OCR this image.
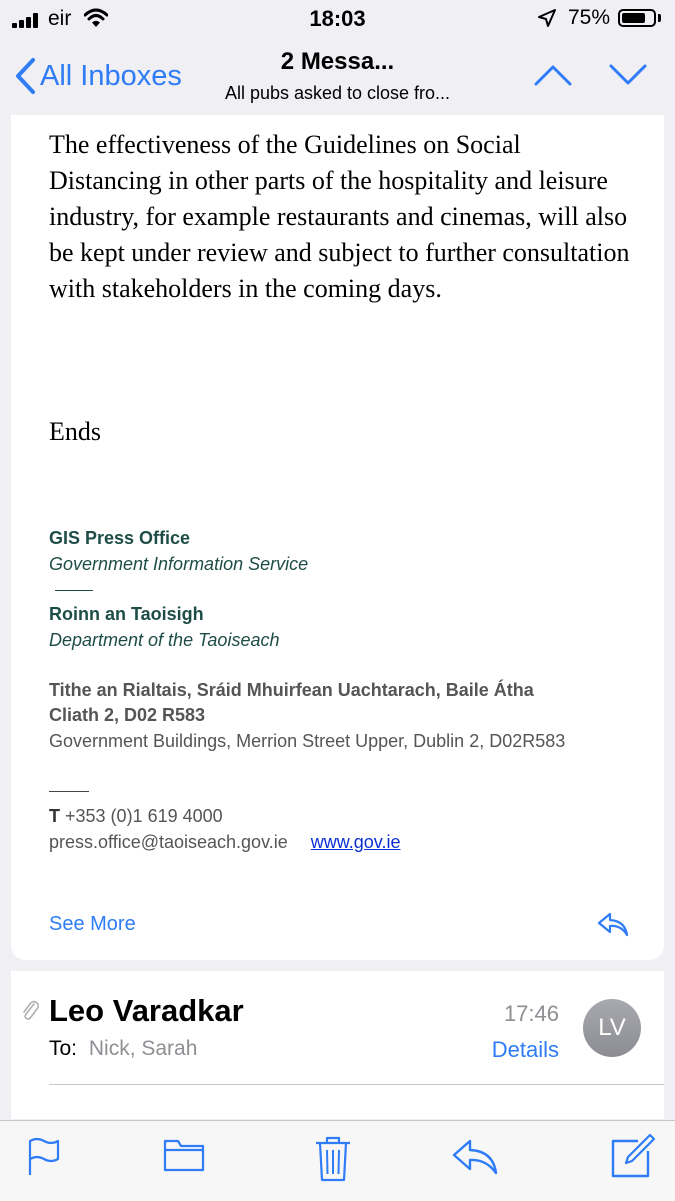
eir	18:03	75%
All Inboxes	2 Messa...
All pubs asked to close fro...
The effectiveness of the Guidelines on Social Distancing in other parts of the hospitality and leisure industry, for example restaurants and cinemas, will also be kept under review and subject to further consultation with stakeholders in the coming days.
Ends
GIS Press Office
Government Information Service
Roinn an Taoisigh
Department of the Taoiseach
Tithe an Rialtais, Sráid Mhuirfean Uachtarach, Baile Átha
Cliath 2, D02 R583
Government Buildings, Merrion Street Upper, Dublin 2, D02R583
T +353 (0)1 619 4000
press.office@taoiseach.gov.ie www.gov.ie
See More
Leo Varadkar	17:46
LV
To: Nick, Sarah	Details
